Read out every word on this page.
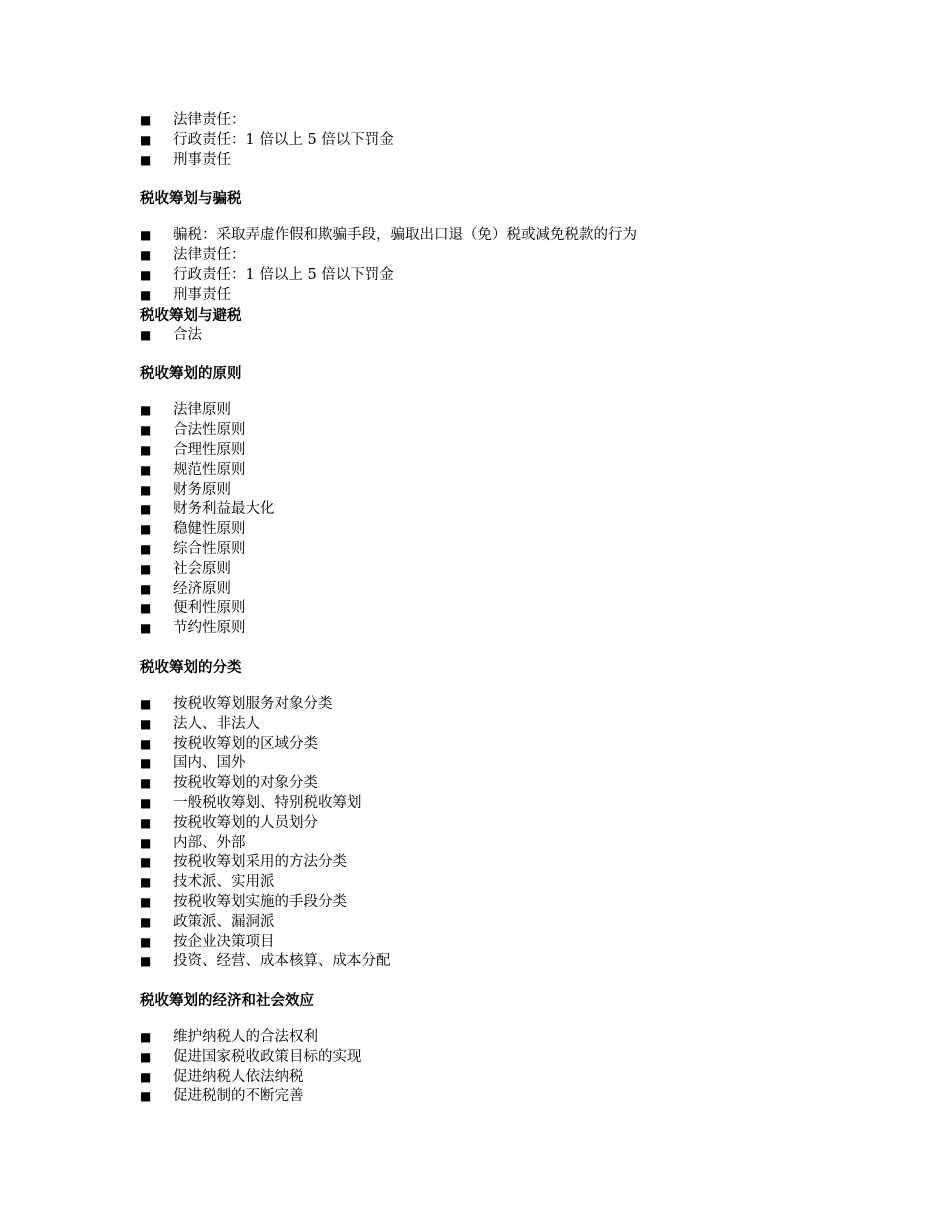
■ 法律责任：
■ 行政责任：1 倍以上 5 倍以下罚金
■ 刑事责任
税收筹划与骗税
■ 骗税：采取弄虚作假和欺骗手段，骗取出口退（免）税或减免税款的行为
■ 法律责任：
■ 行政责任：1 倍以上 5 倍以下罚金
■ 刑事责任
税收筹划与避税
■ 合法
税收筹划的原则
■ 法律原则
■ 合法性原则
■ 合理性原则
■ 规范性原则
■ 财务原则
■ 财务利益最大化
■ 稳健性原则
■ 综合性原则
■ 社会原则
■ 经济原则
■ 便利性原则
■ 节约性原则
税收筹划的分类
■ 按税收筹划服务对象分类
■ 法人、非法人
■ 按税收筹划的区域分类
■ 国内、国外
■ 按税收筹划的对象分类
■ 一般税收筹划、特别税收筹划
■ 按税收筹划的人员划分
■ 内部、外部
■ 按税收筹划采用的方法分类
■ 技术派、实用派
■ 按税收筹划实施的手段分类
■ 政策派、漏洞派
■ 按企业决策项目
■ 投资、经营、成本核算、成本分配
税收筹划的经济和社会效应
■ 维护纳税人的合法权利
■ 促进国家税收政策目标的实现
■ 促进纳税人依法纳税
■ 促进税制的不断完善
